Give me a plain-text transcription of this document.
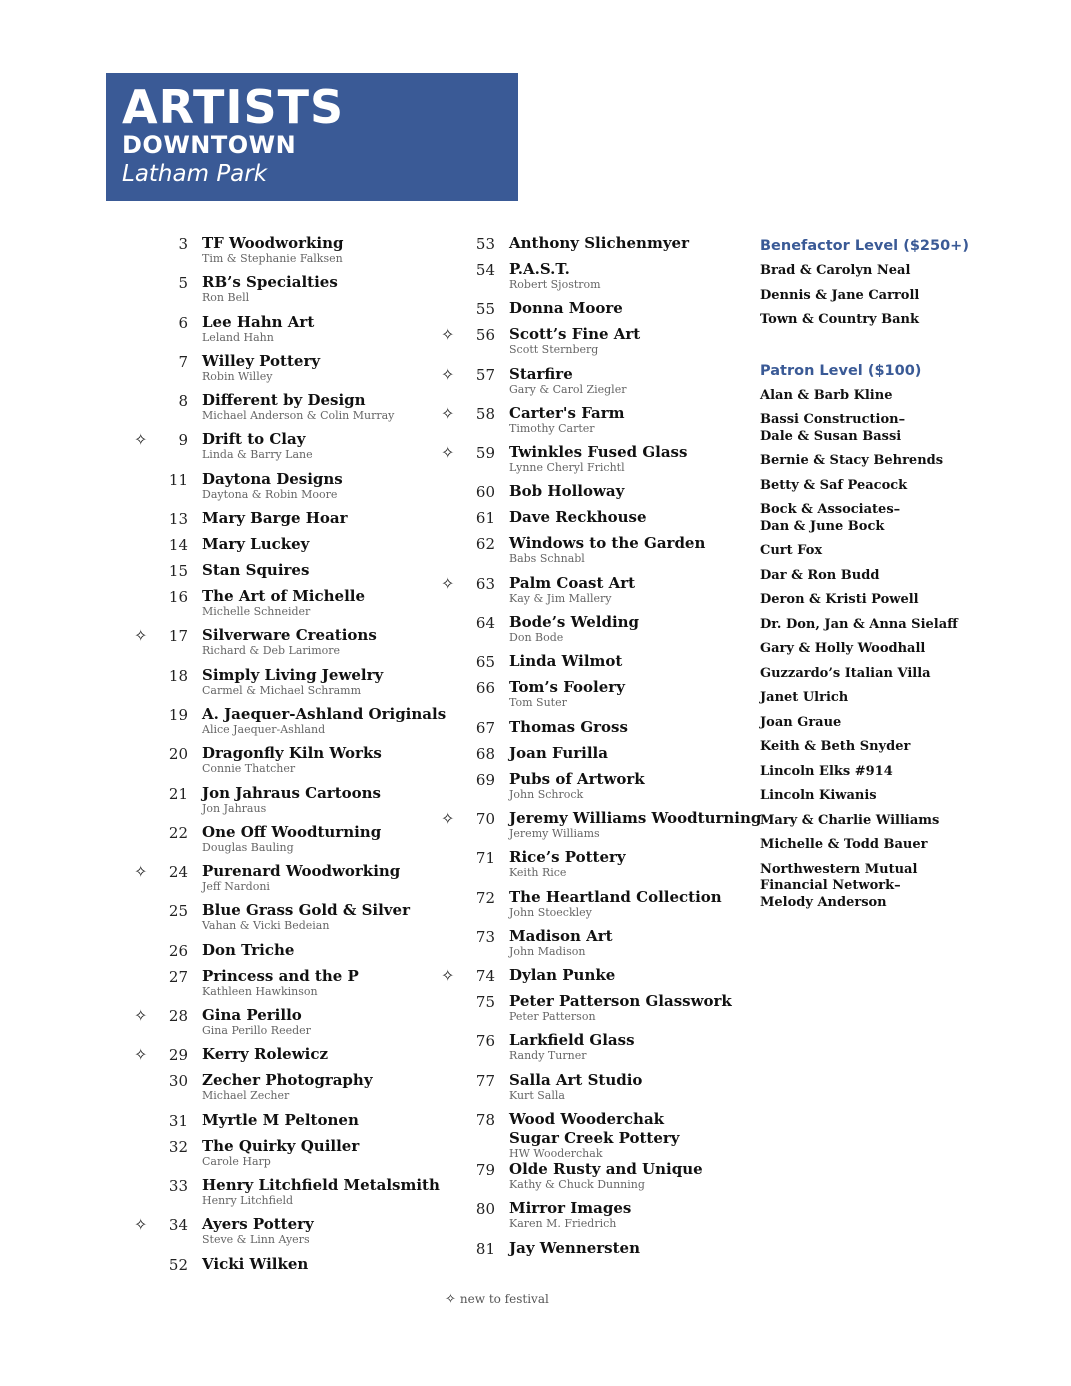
ARTISTS
DOWNTOWN
Latham Park
3 TF Woodworking
Tim & Stephanie Falksen
5 RB’s Specialties
Ron Bell
6 Lee Hahn Art
Leland Hahn
7 Willey Pottery
Robin Willey
8 Different by Design
Michael Anderson & Colin Murray
✧	9 Drift to Clay
Linda & Barry Lane
11 Daytona Designs
Daytona & Robin Moore
13 Mary Barge Hoar
14 Mary Luckey
15 Stan Squires
16 The Art of Michelle
Michelle Schneider
✧	17 Silverware Creations
Richard & Deb Larimore
18 Simply Living Jewelry
Carmel & Michael Schramm
19 A. Jaequer-Ashland Originals
Alice Jaequer-Ashland
20 Dragonfly Kiln Works
Connie Thatcher
21 Jon Jahraus Cartoons
Jon Jahraus
22 One Off Woodturning
Douglas Bauling
✧	24 Purenard Woodworking
Jeff Nardoni
25 Blue Grass Gold & Silver
Vahan & Vicki Bedeian
26 Don Triche
27 Princess and the P
Kathleen Hawkinson
✧	28 Gina Perillo
Gina Perillo Reeder
✧	29 Kerry Rolewicz
30 Zecher Photography
Michael Zecher
31 Myrtle M Peltonen
32 The Quirky Quiller
Carole Harp
33 Henry Litchfield Metalsmith
Henry Litchfield
✧	34 Ayers Pottery
Steve & Linn Ayers
52 Vicki Wilken
53 Anthony Slichenmyer
54 P.A.S.T.
Robert Sjostrom
55 Donna Moore
✧	56 Scott’s Fine Art
Scott Sternberg
✧	57 Starfire
Gary & Carol Ziegler
✧	58 Carter's Farm
Timothy Carter
✧	59 Twinkles Fused Glass
Lynne Cheryl Frichtl
60 Bob Holloway
61 Dave Reckhouse
62 Windows to the Garden
Babs Schnabl
✧	63 Palm Coast Art
Kay & Jim Mallery
64 Bode’s Welding
Don Bode
65 Linda Wilmot
66 Tom’s Foolery
Tom Suter
67 Thomas Gross
68 Joan Furilla
69 Pubs of Artwork
John Schrock
✧	70 Jeremy Williams Woodturning
Jeremy Williams
71 Rice’s Pottery
Keith Rice
72 The Heartland Collection
John Stoeckley
73 Madison Art
John Madison
✧	74 Dylan Punke
75 Peter Patterson Glasswork
Peter Patterson
76 Larkfield Glass
Randy Turner
77 Salla Art Studio
Kurt Salla
78 Wood Wooderchak
Sugar Creek Pottery
HW Wooderchak
79 Olde Rusty and Unique
Kathy & Chuck Dunning
80 Mirror Images
Karen M. Friedrich
81 Jay Wennersten
Benefactor Level ($250+)
Brad & Carolyn Neal
Dennis & Jane Carroll
Town & Country Bank
Patron Level ($100)
Alan & Barb Kline
Bassi Construction–
Dale & Susan Bassi
Bernie & Stacy Behrends
Betty & Saf Peacock
Bock & Associates–
Dan & June Bock
Curt Fox
Dar & Ron Budd
Deron & Kristi Powell
Dr. Don, Jan & Anna Sielaff
Gary & Holly Woodhall
Guzzardo’s Italian Villa
Janet Ulrich
Joan Graue
Keith & Beth Snyder
Lincoln Elks #914
Lincoln Kiwanis
Mary & Charlie Williams
Michelle & Todd Bauer
Northwestern Mutual
Financial Network–
Melody Anderson
✧ new to festival
